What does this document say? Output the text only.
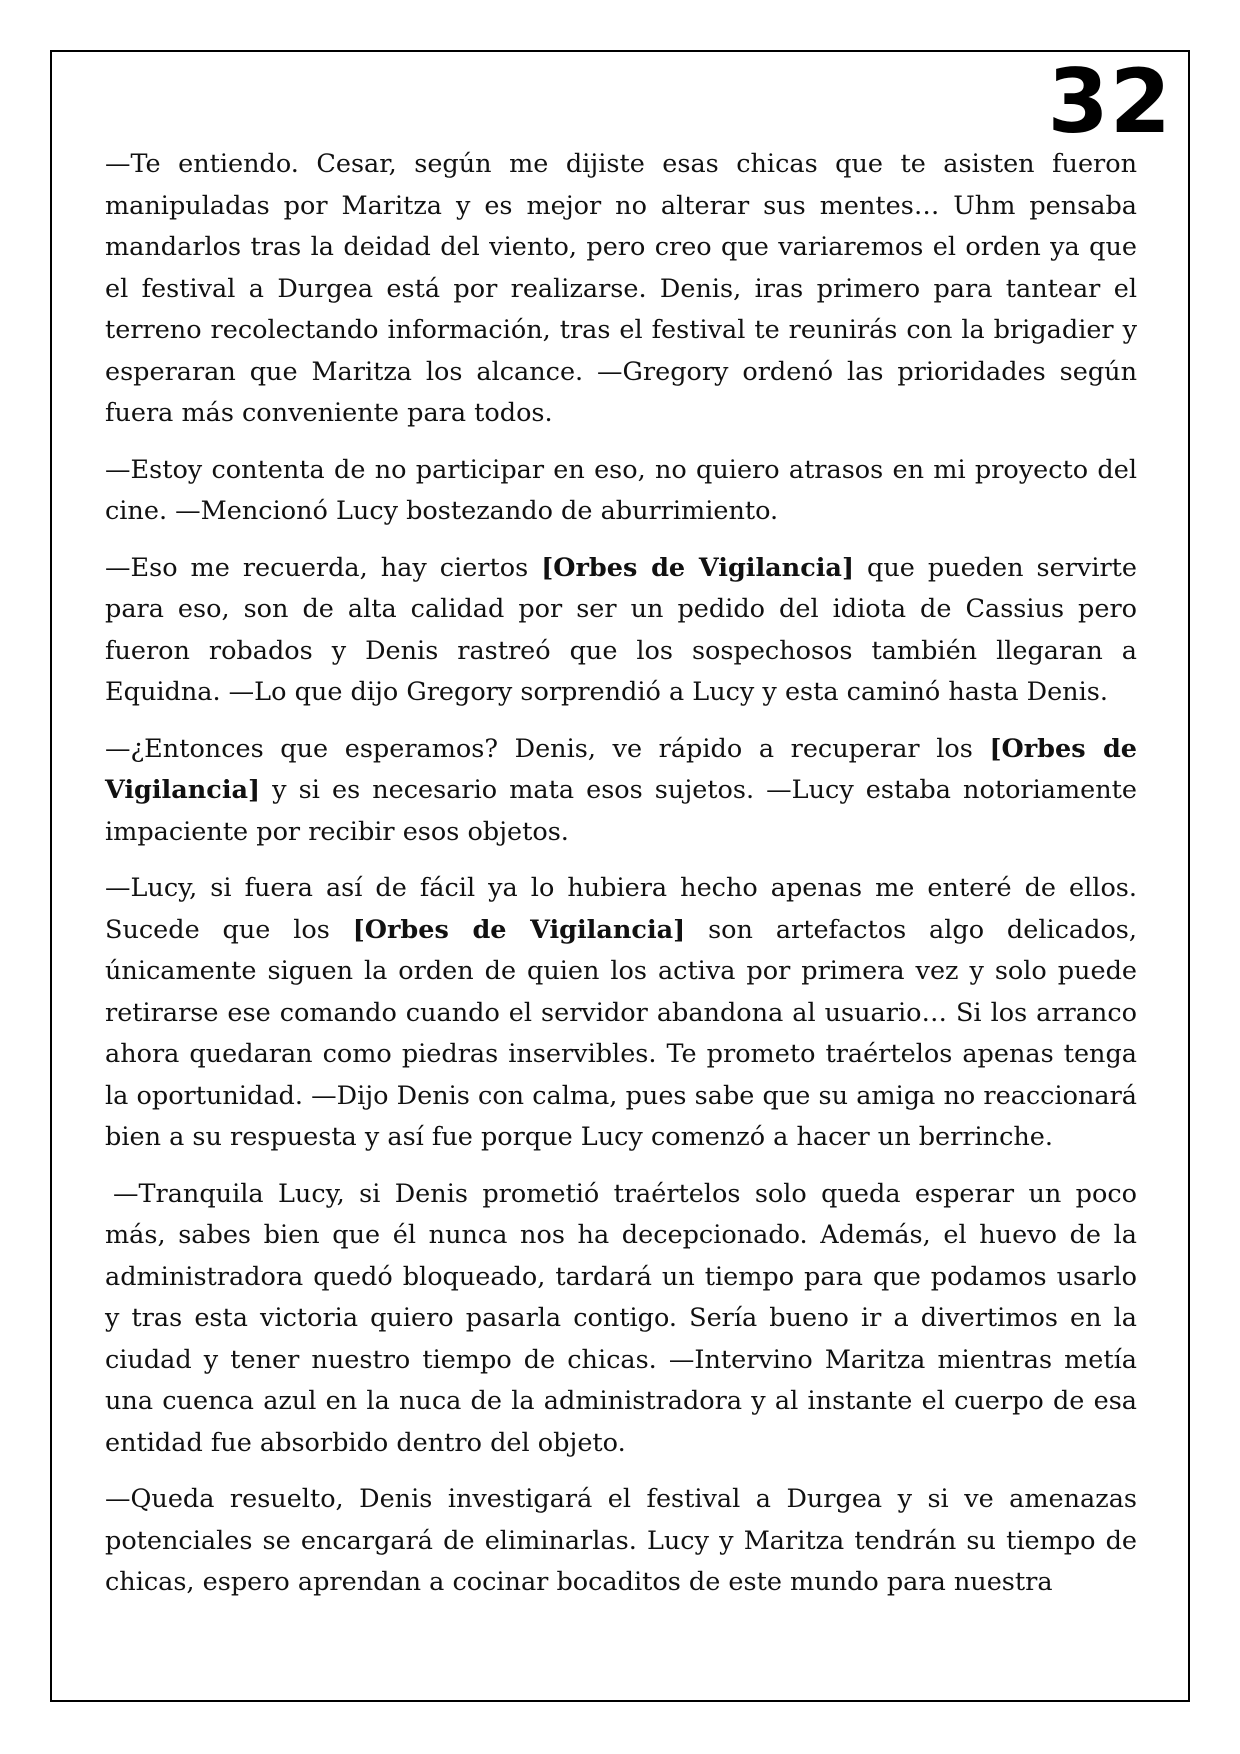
32

—Te entiendo. Cesar, según me dijiste esas chicas que te asisten fueron manipuladas por Maritza y es mejor no alterar sus mentes… Uhm pensaba mandarlos tras la deidad del viento, pero creo que variaremos el orden ya que el festival a Durgea está por realizarse. Denis, iras primero para tantear el terreno recolectando información, tras el festival te reunirás con la brigadier y esperaran que Maritza los alcance. —Gregory ordenó las prioridades según fuera más conveniente para todos.

—Estoy contenta de no participar en eso, no quiero atrasos en mi proyecto del cine. —Mencionó Lucy bostezando de aburrimiento.

—Eso me recuerda, hay ciertos [Orbes de Vigilancia] que pueden servirte para eso, son de alta calidad por ser un pedido del idiota de Cassius pero fueron robados y Denis rastreó que los sospechosos también llegaran a Equidna. —Lo que dijo Gregory sorprendió a Lucy y esta caminó hasta Denis.

—¿Entonces que esperamos? Denis, ve rápido a recuperar los [Orbes de Vigilancia] y si es necesario mata esos sujetos. —Lucy estaba notoriamente impaciente por recibir esos objetos.

—Lucy, si fuera así de fácil ya lo hubiera hecho apenas me enteré de ellos. Sucede que los [Orbes de Vigilancia] son artefactos algo delicados, únicamente siguen la orden de quien los activa por primera vez y solo puede retirarse ese comando cuando el servidor abandona al usuario… Si los arranco ahora quedaran como piedras inservibles. Te prometo traértelos apenas tenga la oportunidad. —Dijo Denis con calma, pues sabe que su amiga no reaccionará bien a su respuesta y así fue porque Lucy comenzó a hacer un berrinche.

—Tranquila Lucy, si Denis prometió traértelos solo queda esperar un poco más, sabes bien que él nunca nos ha decepcionado. Además, el huevo de la administradora quedó bloqueado, tardará un tiempo para que podamos usarlo y tras esta victoria quiero pasarla contigo. Sería bueno ir a divertimos en la ciudad y tener nuestro tiempo de chicas. —Intervino Maritza mientras metía una cuenca azul en la nuca de la administradora y al instante el cuerpo de esa entidad fue absorbido dentro del objeto.

—Queda resuelto, Denis investigará el festival a Durgea y si ve amenazas potenciales se encargará de eliminarlas. Lucy y Maritza tendrán su tiempo de chicas, espero aprendan a cocinar bocaditos de este mundo para nuestra
